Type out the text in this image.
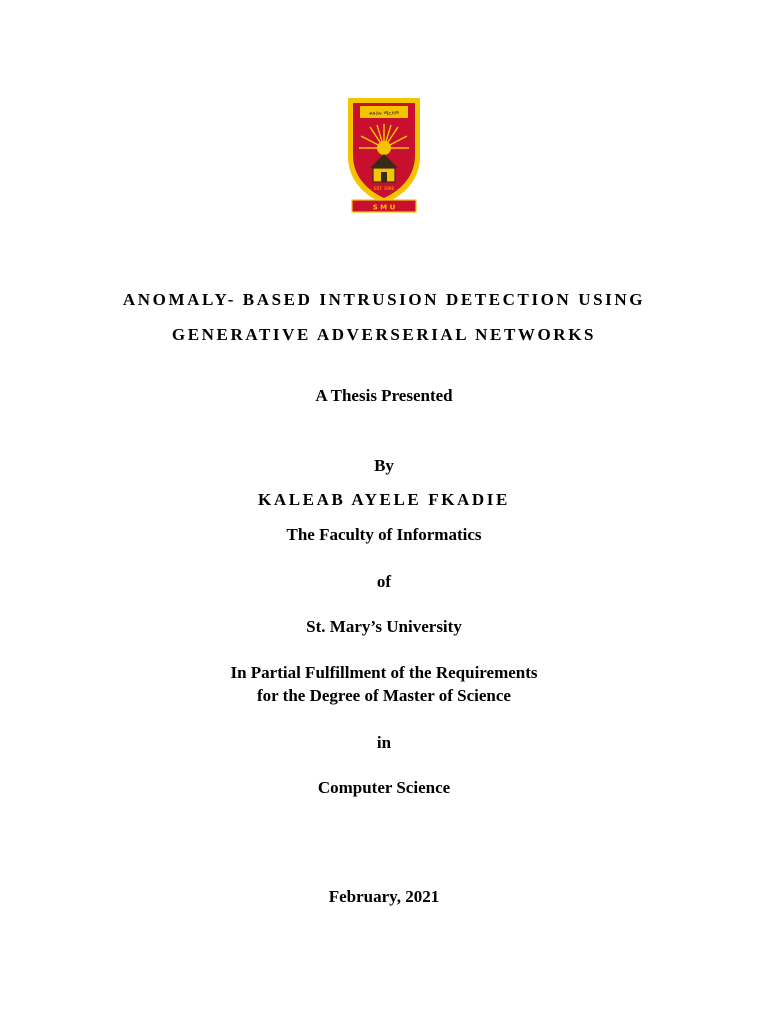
ቅድስት ማርያም
EST. 1998
S M U
ANOMALY- BASED INTRUSION DETECTION USING
GENERATIVE ADVERSERIAL NETWORKS
A Thesis Presented
By
KALEAB AYELE FKADIE
The Faculty of Informatics
of
St. Mary’s University
In Partial Fulfillment of the Requirements
for the Degree of Master of Science
in
Computer Science
February, 2021
